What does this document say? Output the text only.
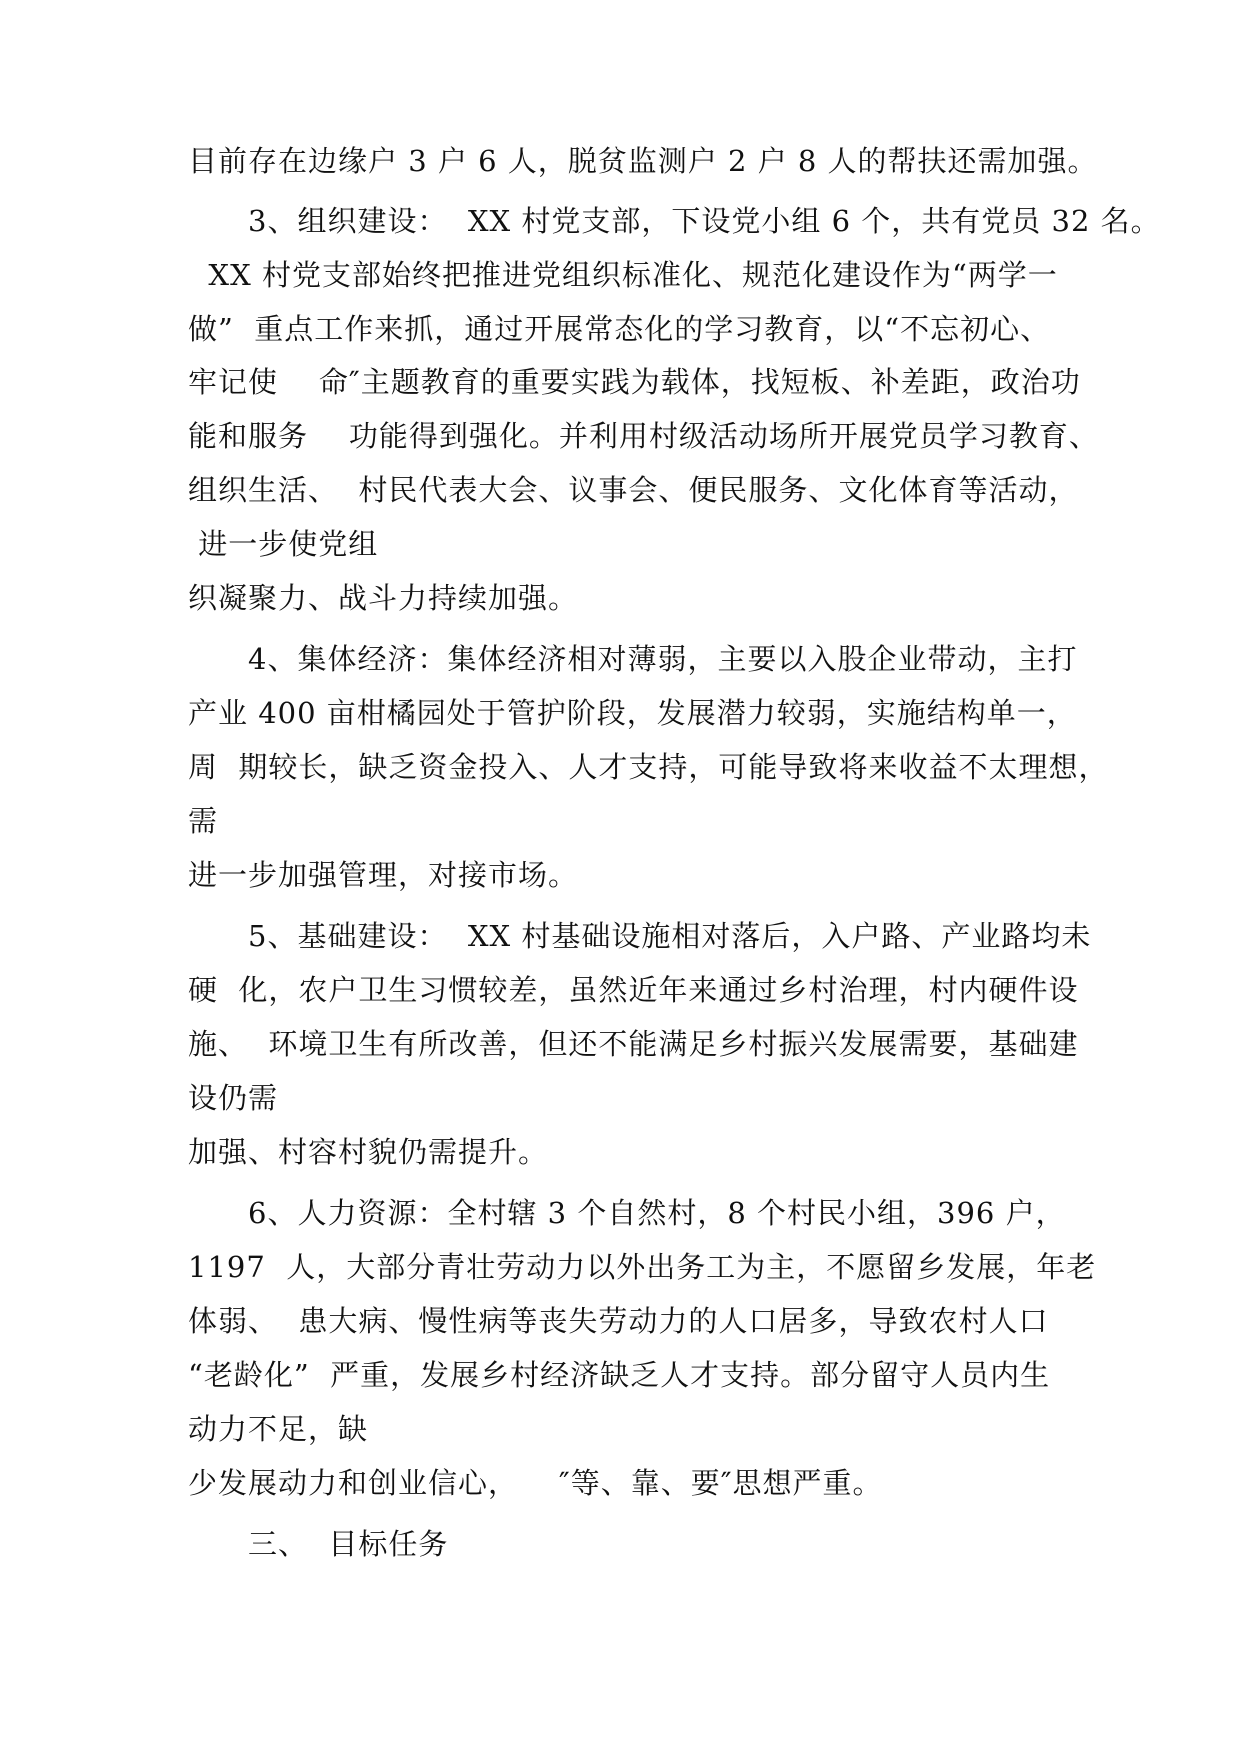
目前存在边缘户 3 户 6 人，脱贫监测户 2 户 8 人的帮扶还需加强。
　　3、组织建设：  XX 村党支部，下设党小组 6 个，共有党员 32 名。
XX 村党支部始终把推进党组织标准化、规范化建设作为“两学一
做”  重点工作来抓，通过开展常态化的学习教育，以“不忘初心、
牢记使    命″主题教育的重要实践为载体，找短板、补差距，政治功
能和服务    功能得到强化。并利用村级活动场所开展党员学习教育、
组织生活、  村民代表大会、议事会、便民服务、文化体育等活动，
进一步使党组
织凝聚力、战斗力持续加强。
　　4、集体经济：集体经济相对薄弱，主要以入股企业带动，主打
产业 400 亩柑橘园处于管护阶段，发展潜力较弱，实施结构单一，
周  期较长，缺乏资金投入、人才支持，可能导致将来收益不太理想，
需
进一步加强管理，对接市场。
　　5、基础建设：  XX 村基础设施相对落后，入户路、产业路均未
硬  化，农户卫生习惯较差，虽然近年来通过乡村治理，村内硬件设
施、  环境卫生有所改善，但还不能满足乡村振兴发展需要，基础建
设仍需
加强、村容村貌仍需提升。
　　6、人力资源：全村辖 3 个自然村，8 个村民小组，396 户，
1197  人，大部分青壮劳动力以外出务工为主，不愿留乡发展，年老
体弱、  患大病、慢性病等丧失劳动力的人口居多，导致农村人口
“老龄化”  严重，发展乡村经济缺乏人才支持。部分留守人员内生
动力不足，缺
少发展动力和创业信心，    ″等、靠、要″思想严重。
　　三、  目标任务
